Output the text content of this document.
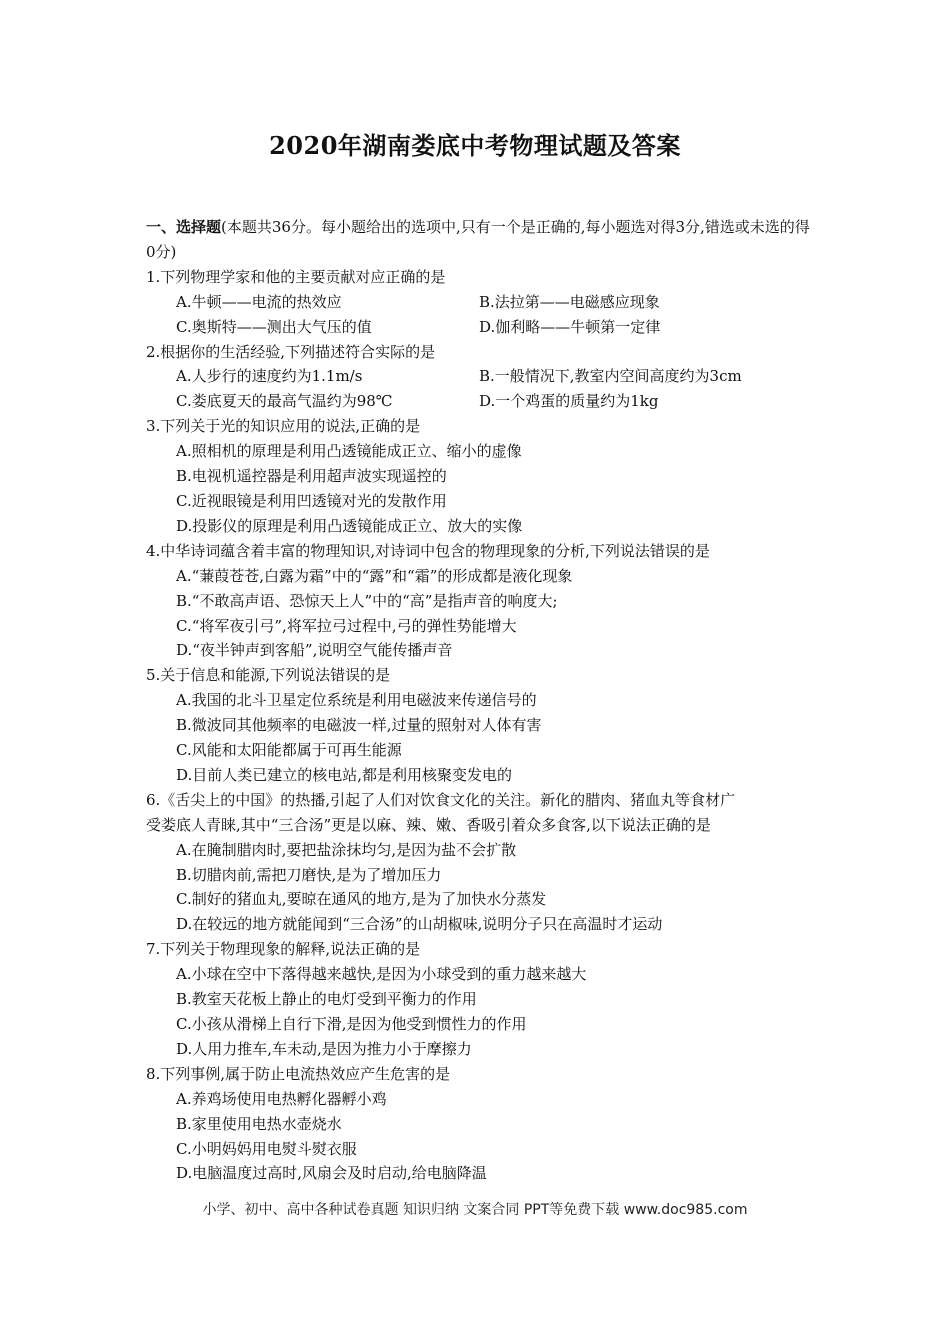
2020年湖南娄底中考物理试题及答案
一、选择题(本题共36分。每小题给出的选项中,只有一个是正确的,每小题选对得3分,错选或未选的得0分)
1.下列物理学家和他的主要贡献对应正确的是
A.牛顿——电流的热效应	B.法拉第——电磁感应现象
C.奥斯特——测出大气压的值	D.伽利略——牛顿第一定律
2.根据你的生活经验,下列描述符合实际的是
A.人步行的速度约为1.1m/s	B.一般情况下,教室内空间高度约为3cm
C.娄底夏天的最高气温约为98℃	D.一个鸡蛋的质量约为1kg
3.下列关于光的知识应用的说法,正确的是
A.照相机的原理是利用凸透镜能成正立、缩小的虚像
B.电视机遥控器是利用超声波实现遥控的
C.近视眼镜是利用凹透镜对光的发散作用
D.投影仪的原理是利用凸透镜能成正立、放大的实像
4.中华诗词蕴含着丰富的物理知识,对诗词中包含的物理现象的分析,下列说法错误的是
A.“蒹葭苍苍,白露为霜”中的“露”和“霜”的形成都是液化现象
B.“不敢高声语、恐惊天上人”中的“高”是指声音的响度大;
C.“将军夜引弓”,将军拉弓过程中,弓的弹性势能增大
D.“夜半钟声到客船”,说明空气能传播声音
5.关于信息和能源,下列说法错误的是
A.我国的北斗卫星定位系统是利用电磁波来传递信号的
B.微波同其他频率的电磁波一样,过量的照射对人体有害
C.风能和太阳能都属于可再生能源
D.目前人类已建立的核电站,都是利用核聚变发电的
6.《舌尖上的中国》的热播,引起了人们对饮食文化的关注。新化的腊肉、猪血丸等食材广
受娄底人青睐,其中“三合汤”更是以麻、辣、嫩、香吸引着众多食客,以下说法正确的是
A.在腌制腊肉时,要把盐涂抹均匀,是因为盐不会扩散
B.切腊肉前,需把刀磨快,是为了增加压力
C.制好的猪血丸,要晾在通风的地方,是为了加快水分蒸发
D.在较远的地方就能闻到“三合汤”的山胡椒味,说明分子只在高温时才运动
7.下列关于物理现象的解释,说法正确的是
A.小球在空中下落得越来越快,是因为小球受到的重力越来越大
B.教室天花板上静止的电灯受到平衡力的作用
C.小孩从滑梯上自行下滑,是因为他受到惯性力的作用
D.人用力推车,车未动,是因为推力小于摩擦力
8.下列事例,属于防止电流热效应产生危害的是
A.养鸡场使用电热孵化器孵小鸡
B.家里使用电热水壶烧水
C.小明妈妈用电熨斗熨衣服
D.电脑温度过高时,风扇会及时启动,给电脑降温
小学、初中、高中各种试卷真题 知识归纳 文案合同 PPT等免费下载 www.doc985.com
